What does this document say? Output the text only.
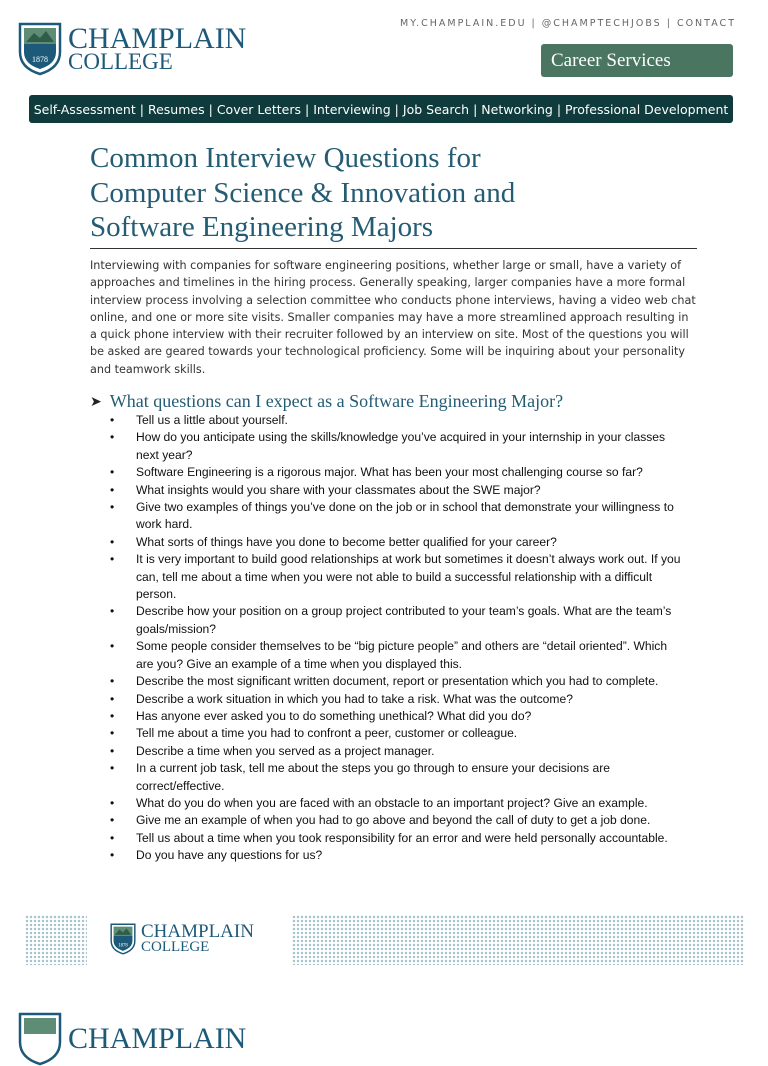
1878
CHAMPLAIN
COLLEGE
MY.CHAMPLAIN.EDU | @CHAMPTECHJOBS | CONTACT
Career Services
Self-Assessment | Resumes | Cover Letters | Interviewing | Job Search | Networking | Professional Development
Common Interview Questions for
Computer Science & Innovation and
Software Engineering Majors

Interviewing with companies for software engineering positions, whether large or small, have a variety of approaches and timelines in the hiring process. Generally speaking, larger companies have a more formal interview process involving a selection committee who conducts phone interviews, having a video web chat online, and one or more site visits. Smaller companies may have a more streamlined approach resulting in a quick phone interview with their recruiter followed by an interview on site. Most of the questions you will be asked are geared towards your technological proficiency. Some will be inquiring about your personality and teamwork skills.

➤ What questions can I expect as a Software Engineering Major?
• Tell us a little about yourself.
• How do you anticipate using the skills/knowledge you’ve acquired in your internship in your classes next year?
• Software Engineering is a rigorous major. What has been your most challenging course so far?
• What insights would you share with your classmates about the SWE major?
• Give two examples of things you’ve done on the job or in school that demonstrate your willingness to work hard.
• What sorts of things have you done to become better qualified for your career?
• It is very important to build good relationships at work but sometimes it doesn’t always work out. If you can, tell me about a time when you were not able to build a successful relationship with a difficult person.
• Describe how your position on a group project contributed to your team’s goals. What are the team’s goals/mission?
• Some people consider themselves to be “big picture people” and others are “detail oriented”. Which are you? Give an example of a time when you displayed this.
• Describe the most significant written document, report or presentation which you had to complete.
• Describe a work situation in which you had to take a risk. What was the outcome?
• Has anyone ever asked you to do something unethical? What did you do?
• Tell me about a time you had to confront a peer, customer or colleague.
• Describe a time when you served as a project manager.
• In a current job task, tell me about the steps you go through to ensure your decisions are correct/effective.
• What do you do when you are faced with an obstacle to an important project? Give an example.
• Give me an example of when you had to go above and beyond the call of duty to get a job done.
• Tell us about a time when you took responsibility for an error and were held personally accountable.
• Do you have any questions for us?
1878
CHAMPLAIN
COLLEGE
CHAMPLAIN
